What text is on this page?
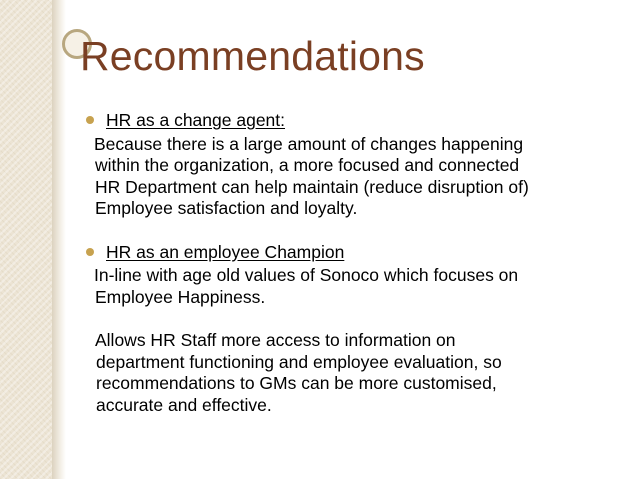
Recommendations
HR as a change agent:
Because there is a large amount of changes happening
within the organization, a more focused and connected
HR Department can help maintain (reduce disruption of)
Employee satisfaction and loyalty.
HR as an employee Champion
In-line with age old values of Sonoco which focuses on
Employee Happiness.
Allows HR Staff more access to information on
department functioning and employee evaluation, so
recommendations to GMs can be more customised,
accurate and effective.
